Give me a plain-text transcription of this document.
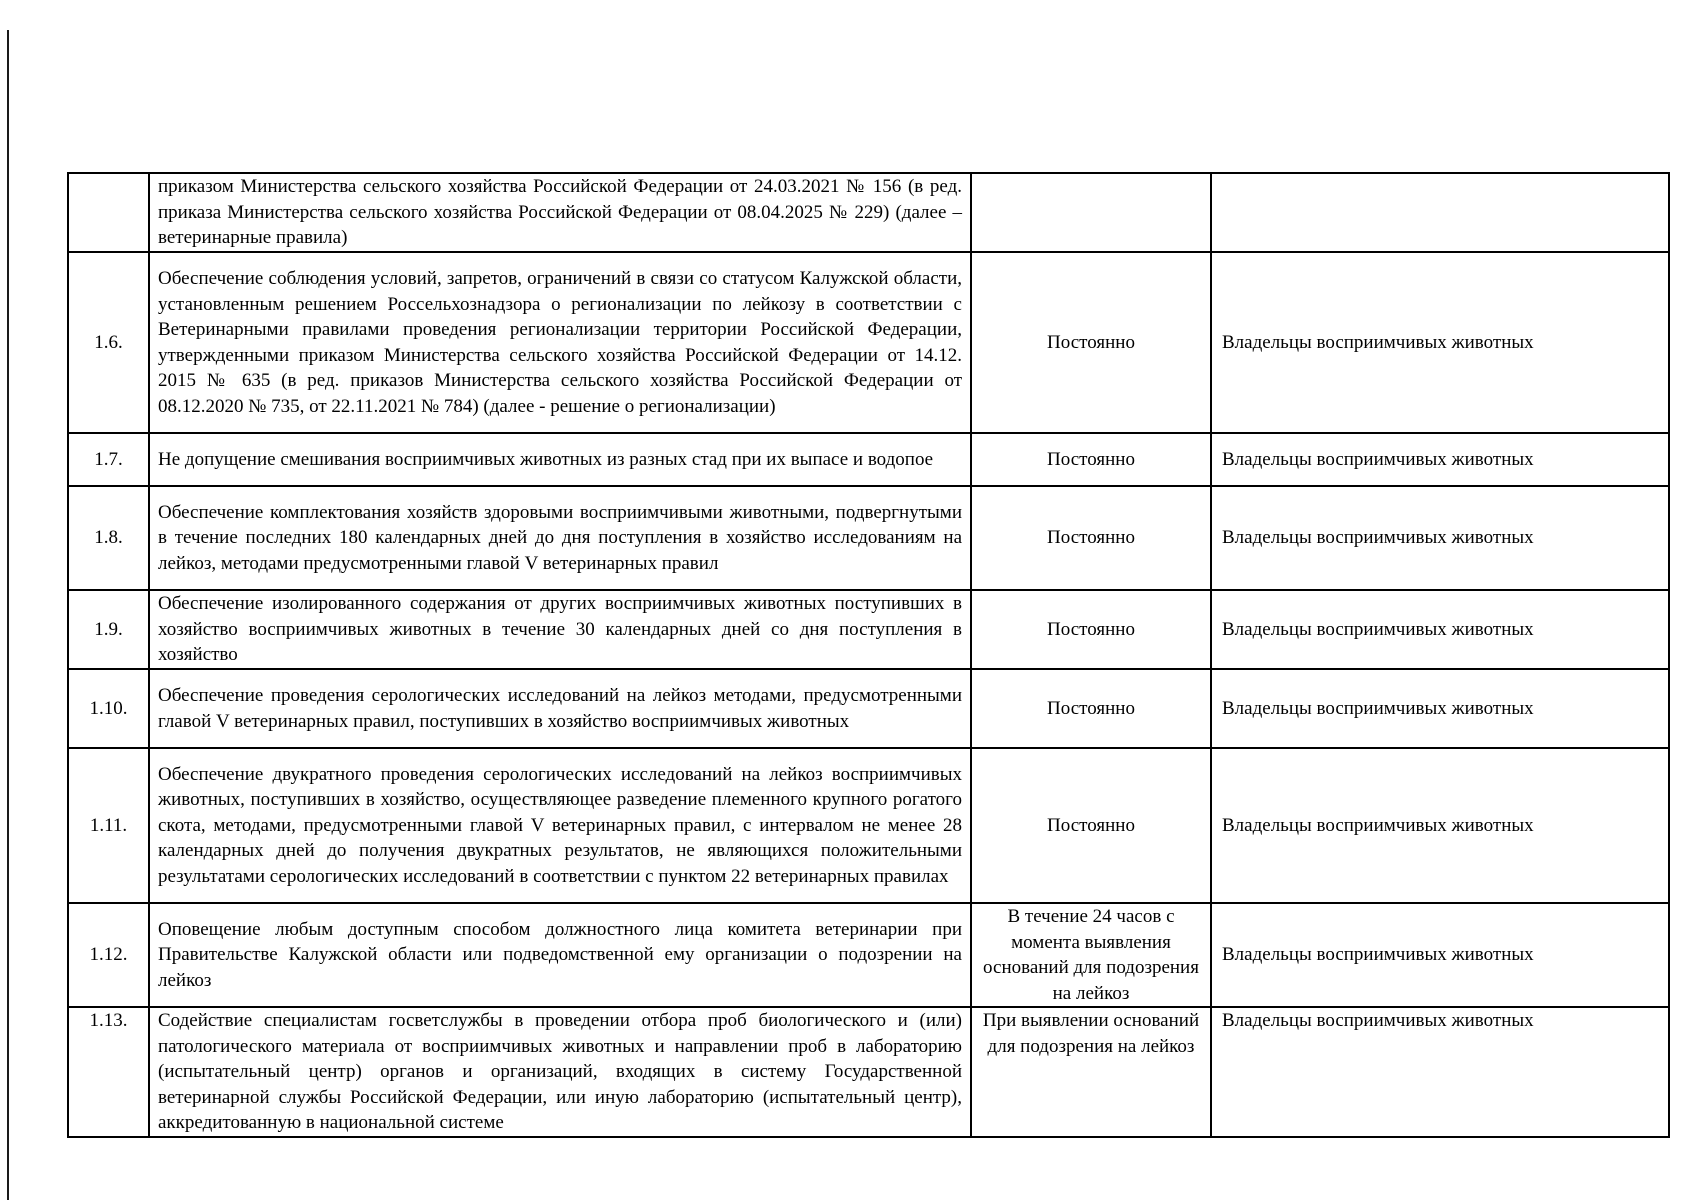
	приказом Министерства сельского хозяйства Российской Федерации от 24.03.2021 № 156 (в ред. приказа Министерства сельского хозяйства Российской Федерации от 08.04.2025 № 229) (далее – ветеринарные правила)		
1.6.	Обеспечение соблюдения условий, запретов, ограничений в связи со статусом Калужской области, установленным решением Россельхознадзора о регионализации по лейкозу в соответствии с Ветеринарными правилами проведения регионализации территории Российской Федерации, утвержденными приказом Министерства сельского хозяйства Российской Федерации от 14.12. 2015 № 635 (в ред. приказов Министерства сельского хозяйства Российской Федерации от 08.12.2020 № 735, от 22.11.2021 № 784) (далее - решение о регионализации)	Постоянно	Владельцы восприимчивых животных
1.7.	Не допущение смешивания восприимчивых животных из разных стад при их выпасе и водопое	Постоянно	Владельцы восприимчивых животных
1.8.	Обеспечение комплектования хозяйств здоровыми восприимчивыми животными, подвергнутыми в течение последних 180 календарных дней до дня поступления в хозяйство исследованиям на лейкоз, методами предусмотренными главой V ветеринарных правил	Постоянно	Владельцы восприимчивых животных
1.9.	Обеспечение изолированного содержания от других восприимчивых животных поступивших в хозяйство восприимчивых животных в течение 30 календарных дней со дня поступления в хозяйство	Постоянно	Владельцы восприимчивых животных
1.10.	Обеспечение проведения серологических исследований на лейкоз методами, предусмотренными главой V ветеринарных правил, поступивших в хозяйство восприимчивых животных	Постоянно	Владельцы восприимчивых животных
1.11.	Обеспечение двукратного проведения серологических исследований на лейкоз восприимчивых животных, поступивших в хозяйство, осуществляющее разведение племенного крупного рогатого скота, методами, предусмотренными главой V ветеринарных правил, с интервалом не менее 28 календарных дней до получения двукратных результатов, не являющихся положительными результатами серологических исследований в соответствии с пунктом 22 ветеринарных правилах	Постоянно	Владельцы восприимчивых животных
1.12.	Оповещение любым доступным способом должностного лица комитета ветеринарии при Правительстве Калужской области или подведомственной ему организации о подозрении на лейкоз	В течение 24 часов с момента выявления оснований для подозрения на лейкоз	Владельцы восприимчивых животных
1.13.	Содействие специалистам госветслужбы в проведении отбора проб биологического и (или) патологического материала от восприимчивых животных и направлении проб в лабораторию (испытательный центр) органов и организаций, входящих в систему Государственной ветеринарной службы Российской Федерации, или иную лабораторию (испытательный центр), аккредитованную в национальной системе	При выявлении оснований для подозрения на лейкоз	Владельцы восприимчивых животных
